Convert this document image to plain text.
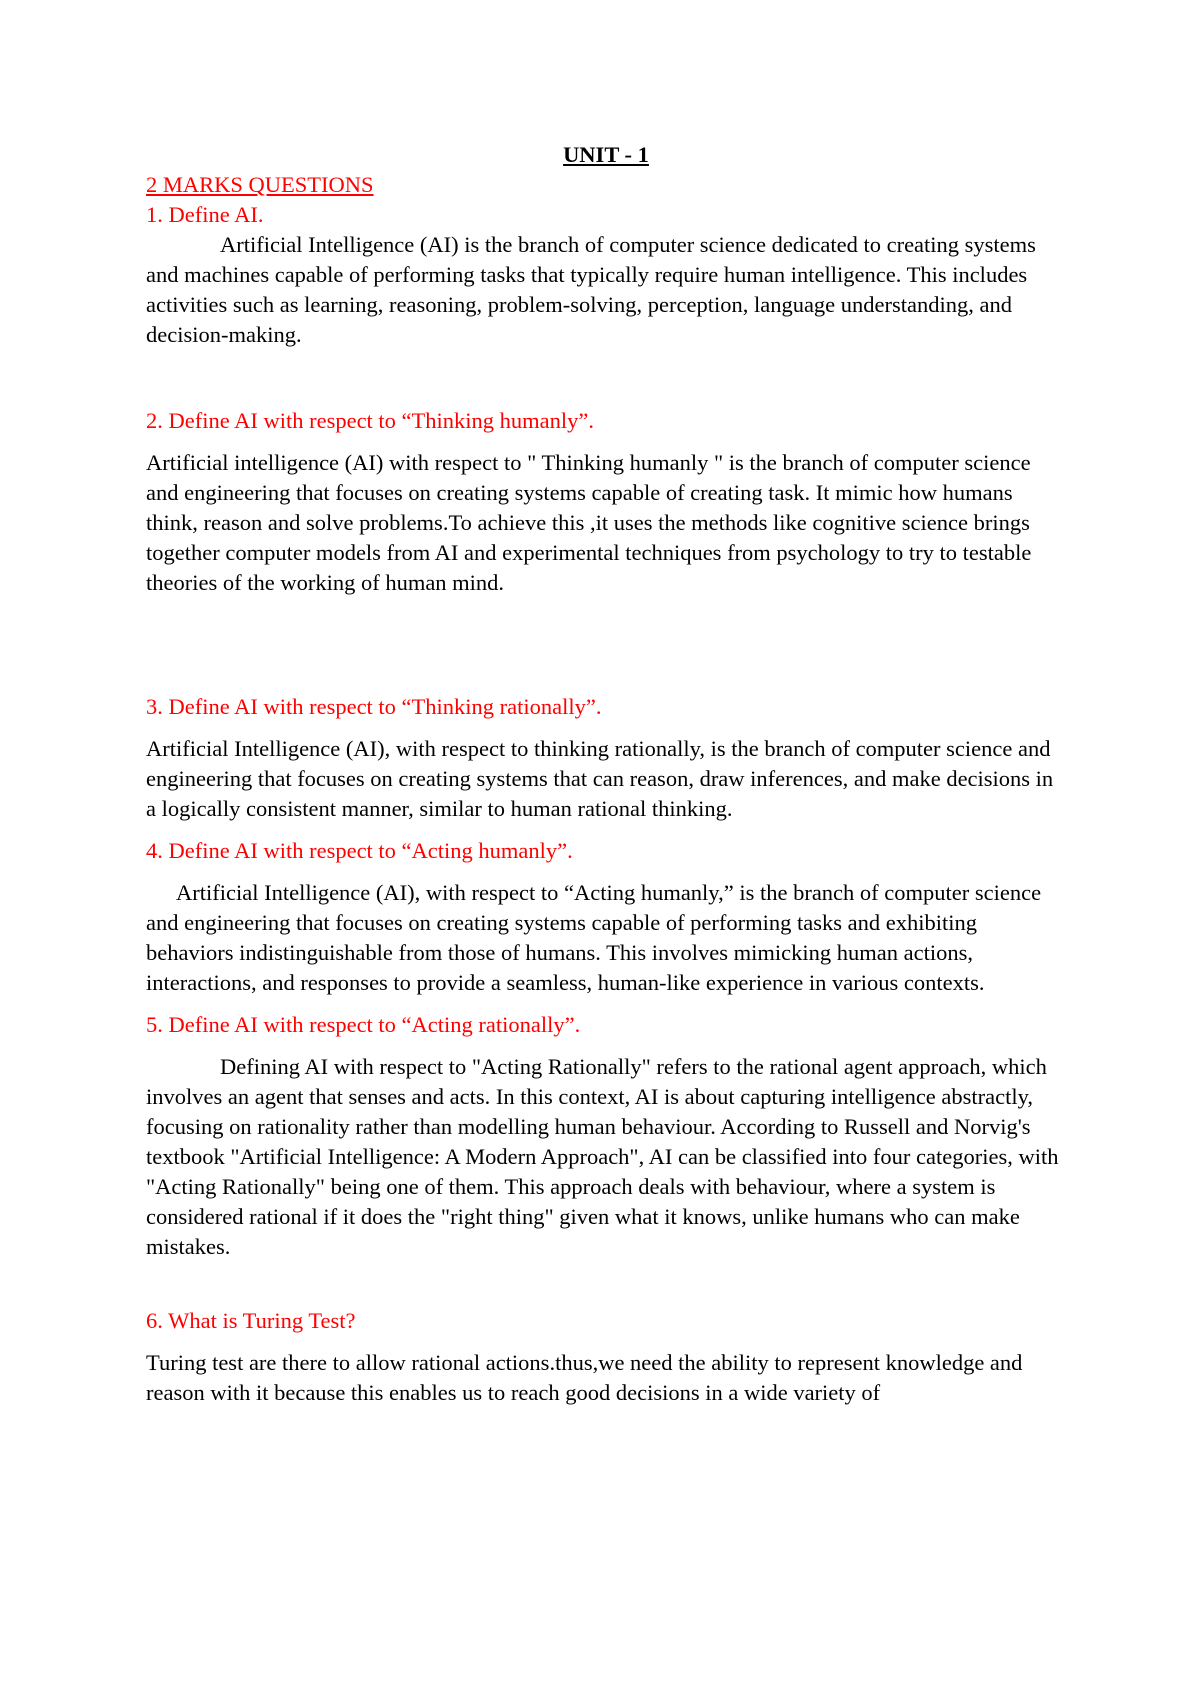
UNIT - 1

2 MARKS QUESTIONS

1. Define AI.

Artificial Intelligence (AI) is the branch of computer science dedicated to creating systems and machines capable of performing tasks that typically require human intelligence. This includes activities such as learning, reasoning, problem-solving, perception, language understanding, and decision-making.

2. Define AI with respect to “Thinking humanly”.

Artificial intelligence (AI) with respect to " Thinking humanly " is the branch of computer science and engineering that focuses on creating systems capable of creating task. It mimic how humans think, reason and solve problems.To achieve this ,it uses the methods like cognitive science brings together computer models from AI and experimental techniques from psychology to try to testable theories of the working of human mind.

3. Define AI with respect to “Thinking rationally”.

Artificial Intelligence (AI), with respect to thinking rationally, is the branch of computer science and engineering that focuses on creating systems that can reason, draw inferences, and make decisions in a logically consistent manner, similar to human rational thinking.

4. Define AI with respect to “Acting humanly”.

Artificial Intelligence (AI), with respect to “Acting humanly,” is the branch of computer science and engineering that focuses on creating systems capable of performing tasks and exhibiting behaviors indistinguishable from those of humans. This involves mimicking human actions, interactions, and responses to provide a seamless, human-like experience in various contexts.

5. Define AI with respect to “Acting rationally”.

Defining AI with respect to "Acting Rationally" refers to the rational agent approach, which involves an agent that senses and acts. In this context, AI is about capturing intelligence abstractly, focusing on rationality rather than modelling human behaviour. According to Russell and Norvig's textbook "Artificial Intelligence: A Modern Approach", AI can be classified into four categories, with "Acting Rationally" being one of them. This approach deals with behaviour, where a system is considered rational if it does the "right thing" given what it knows, unlike humans who can make mistakes.

6. What is Turing Test?

Turing test are there to allow rational actions.thus,we need the ability to represent knowledge and reason with it because this enables us to reach good decisions in a wide variety of
